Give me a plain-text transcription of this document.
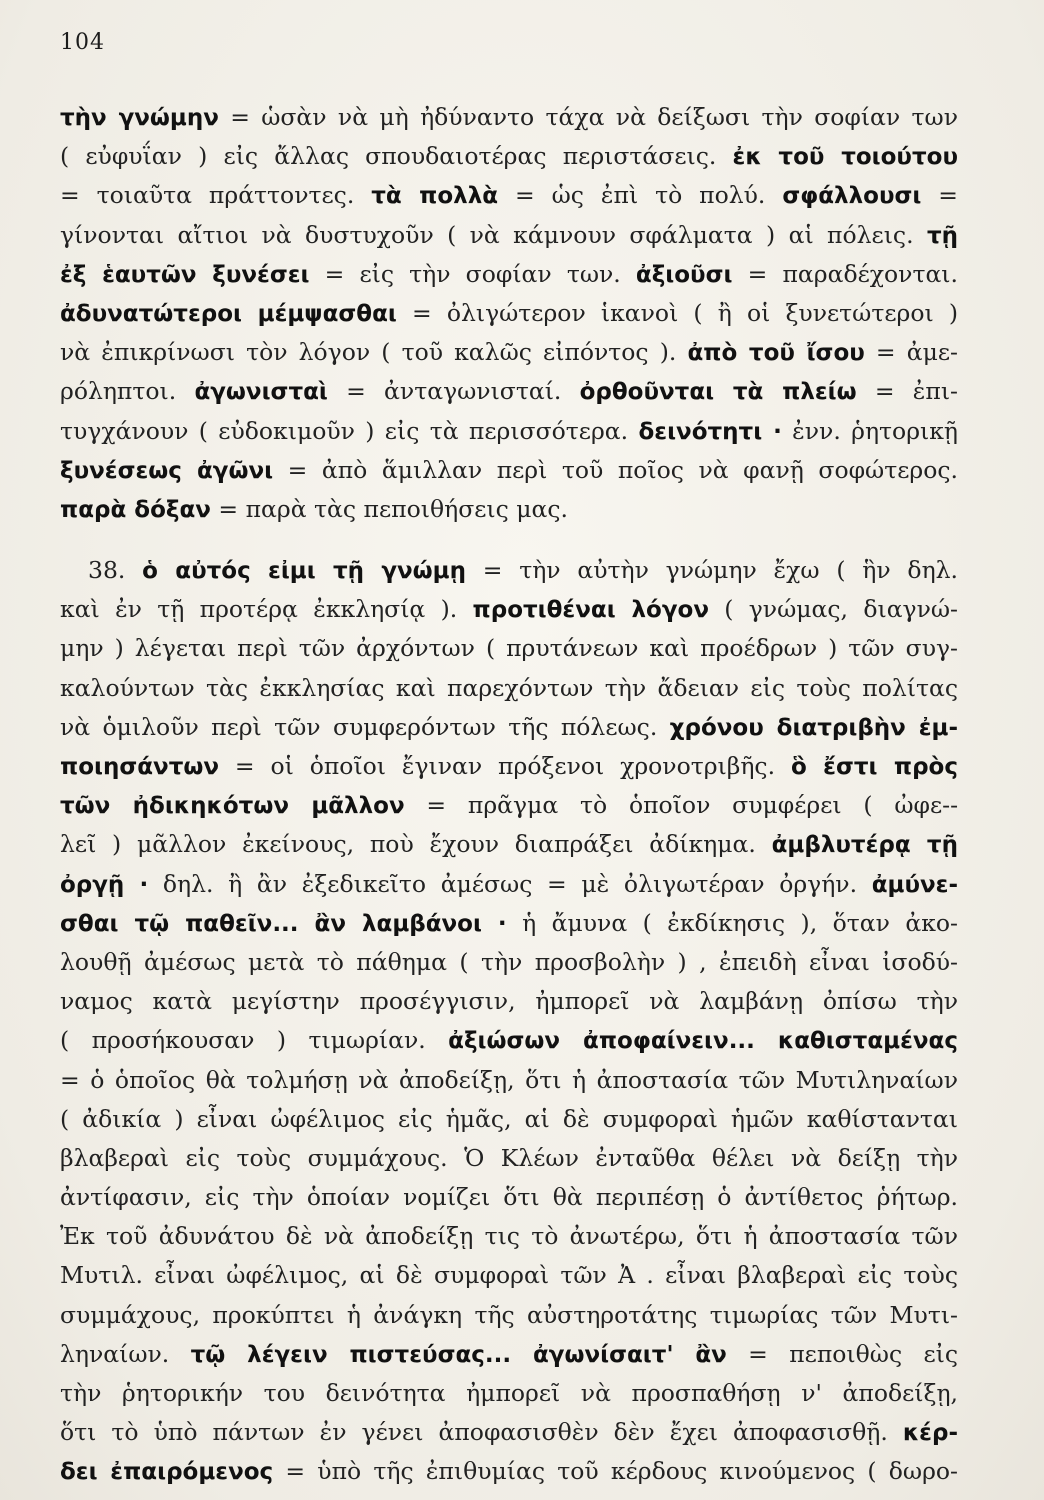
104
τὴν γνώμην = ὡσὰν νὰ μὴ ἠδύναντο τάχα νὰ δείξωσι τὴν σοφίαν των
( εὐφυΐαν ) εἰς ἄλλας σπουδαιοτέρας περιστάσεις. ἐκ τοῦ τοιούτου
= τοιαῦτα πράττοντες. τὰ πολλὰ = ὡς ἐπὶ τὸ πολύ. σφάλλουσι =
γίνονται αἴτιοι νὰ δυστυχοῦν ( νὰ κάμνουν σφάλματα ) αἱ πόλεις. τῇ
ἐξ ἑαυτῶν ξυνέσει = εἰς τὴν σοφίαν των. ἀξιοῦσι = παραδέχονται.
ἀδυνατώτεροι μέμψασθαι = ὀλιγώτερον ἱκανοὶ ( ἢ οἱ ξυνετώτεροι )
νὰ ἐπικρίνωσι τὸν λόγον ( τοῦ καλῶς εἰπόντος ). ἀπὸ τοῦ ἴσου = ἀμε-
ρόληπτοι. ἀγωνισταὶ = ἀνταγωνισταί. ὀρθοῦνται τὰ πλείω = ἐπι-
τυγχάνουν ( εὐδοκιμοῦν ) εἰς τὰ περισσότερα. δεινότητι · ἐνν. ῥητορικῇ
ξυνέσεως ἀγῶνι = ἀπὸ ἅμιλλαν περὶ τοῦ ποῖος νὰ φανῇ σοφώτερος.
παρὰ δόξαν = παρὰ τὰς πεποιθήσεις μας.
38. ὁ αὐτός εἰμι τῇ γνώμῃ = τὴν αὐτὴν γνώμην ἔχω ( ἣν δηλ.
καὶ ἐν τῇ προτέρᾳ ἐκκλησίᾳ ). προτιθέναι λόγον ( γνώμας, διαγνώ-
μην ) λέγεται περὶ τῶν ἀρχόντων ( πρυτάνεων καὶ προέδρων ) τῶν συγ-
καλούντων τὰς ἐκκλησίας καὶ παρεχόντων τὴν ἄδειαν εἰς τοὺς πολίτας
νὰ ὁμιλοῦν περὶ τῶν συμφερόντων τῆς πόλεως. χρόνου διατριβὴν ἐμ-
ποιησάντων = οἱ ὁποῖοι ἔγιναν πρόξενοι χρονοτριβῆς. ὃ ἔστι πρὸς
τῶν ἠδικηκότων μᾶλλον = πρᾶγμα τὸ ὁποῖον συμφέρει ( ὠφε--
λεῖ ) μᾶλλον ἐκείνους, ποὺ ἔχουν διαπράξει ἀδίκημα. ἀμβλυτέρᾳ τῇ
ὀργῇ · δηλ. ἢ ἂν ἐξεδικεῖτο ἀμέσως = μὲ ὀλιγωτέραν ὀργήν. ἀμύνε-
σθαι τῷ παθεῖν... ἂν λαμβάνοι · ἡ ἄμυνα ( ἐκδίκησις ), ὅταν ἀκο-
λουθῇ ἀμέσως μετὰ τὸ πάθημα ( τὴν προσβολὴν ) , ἐπειδὴ εἶναι ἰσοδύ-
ναμος κατὰ μεγίστην προσέγγισιν, ἠμπορεῖ νὰ λαμβάνῃ ὀπίσω τὴν
( προσήκουσαν ) τιμωρίαν. ἀξιώσων ἀποφαίνειν... καθισταμένας
= ὁ ὁποῖος θὰ τολμήσῃ νὰ ἀποδείξῃ, ὅτι ἡ ἀποστασία τῶν Μυτιληναίων
( ἀδικία ) εἶναι ὠφέλιμος εἰς ἡμᾶς, αἱ δὲ συμφοραὶ ἡμῶν καθίστανται
βλαβεραὶ εἰς τοὺς συμμάχους. Ὁ Κλέων ἐνταῦθα θέλει νὰ δείξῃ τὴν
ἀντίφασιν, εἰς τὴν ὁποίαν νομίζει ὅτι θὰ περιπέσῃ ὁ ἀντίθετος ῥήτωρ.
Ἐκ τοῦ ἀδυνάτου δὲ νὰ ἀποδείξῃ τις τὸ ἀνωτέρω, ὅτι ἡ ἀποστασία τῶν
Μυτιλ. εἶναι ὠφέλιμος, αἱ δὲ συμφοραὶ τῶν Ἀ . εἶναι βλαβεραὶ εἰς τοὺς
συμμάχους, προκύπτει ἡ ἀνάγκη τῆς αὐστηροτάτης τιμωρίας τῶν Μυτι-
ληναίων. τῷ λέγειν πιστεύσας... ἀγωνίσαιτ' ἂν = πεποιθὼς εἰς
τὴν ῥητορικήν του δεινότητα ἠμπορεῖ νὰ προσπαθήσῃ ν' ἀποδείξῃ,
ὅτι τὸ ὑπὸ πάντων ἐν γένει ἀποφασισθὲν δὲν ἔχει ἀποφασισθῇ. κέρ-
δει ἐπαιρόμενος = ὑπὸ τῆς ἐπιθυμίας τοῦ κέρδους κινούμενος ( δωρο-
